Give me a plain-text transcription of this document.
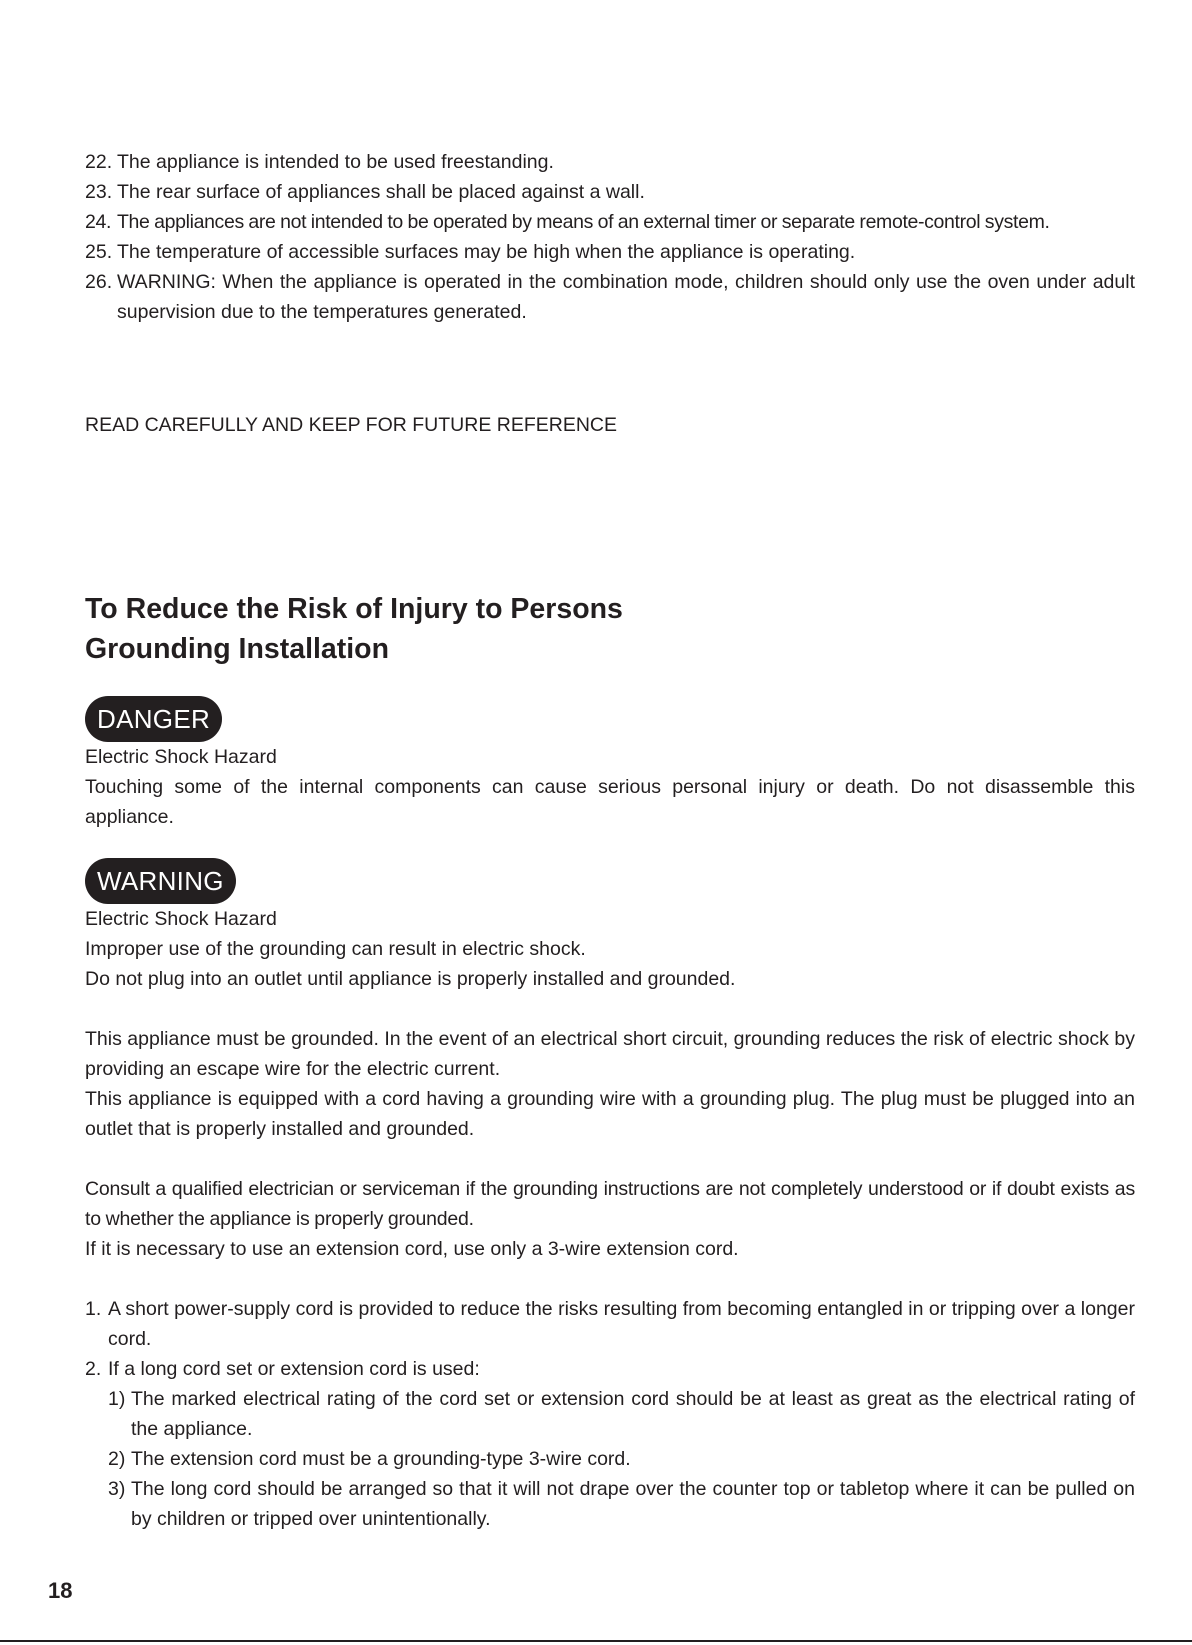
22. The appliance is intended to be used freestanding.
23. The rear surface of appliances shall be placed against a wall.
24. The appliances are not intended to be operated by means of an external timer or separate remote-control system.
25. The temperature of accessible surfaces may be high when the appliance is operating.
26. WARNING: When the appliance is operated in the combination mode, children should only use the oven under adult supervision due to the temperatures generated.
READ CAREFULLY AND KEEP FOR FUTURE REFERENCE
To Reduce the Risk of Injury to Persons
Grounding Installation
DANGER
Electric Shock Hazard
Touching some of the internal components can cause serious personal injury or death. Do not disassemble this appliance.
WARNING
Electric Shock Hazard
Improper use of the grounding can result in electric shock.
Do not plug into an outlet until appliance is properly installed and grounded.
This appliance must be grounded. In the event of an electrical short circuit, grounding reduces the risk of electric shock by providing an escape wire for the electric current.
This appliance is equipped with a cord having a grounding wire with a grounding plug. The plug must be plugged into an outlet that is properly installed and grounded.
Consult a qualified electrician or serviceman if the grounding instructions are not completely understood or if doubt exists as to whether the appliance is properly grounded.
If it is necessary to use an extension cord, use only a 3-wire extension cord.
1. A short power-supply cord is provided to reduce the risks resulting from becoming entangled in or tripping over a longer cord.
2. If a long cord set or extension cord is used:
1) The marked electrical rating of the cord set or extension cord should be at least as great as the electrical rating of the appliance.
2) The extension cord must be a grounding-type 3-wire cord.
3) The long cord should be arranged so that it will not drape over the counter top or tabletop where it can be pulled on by children or tripped over unintentionally.
18
